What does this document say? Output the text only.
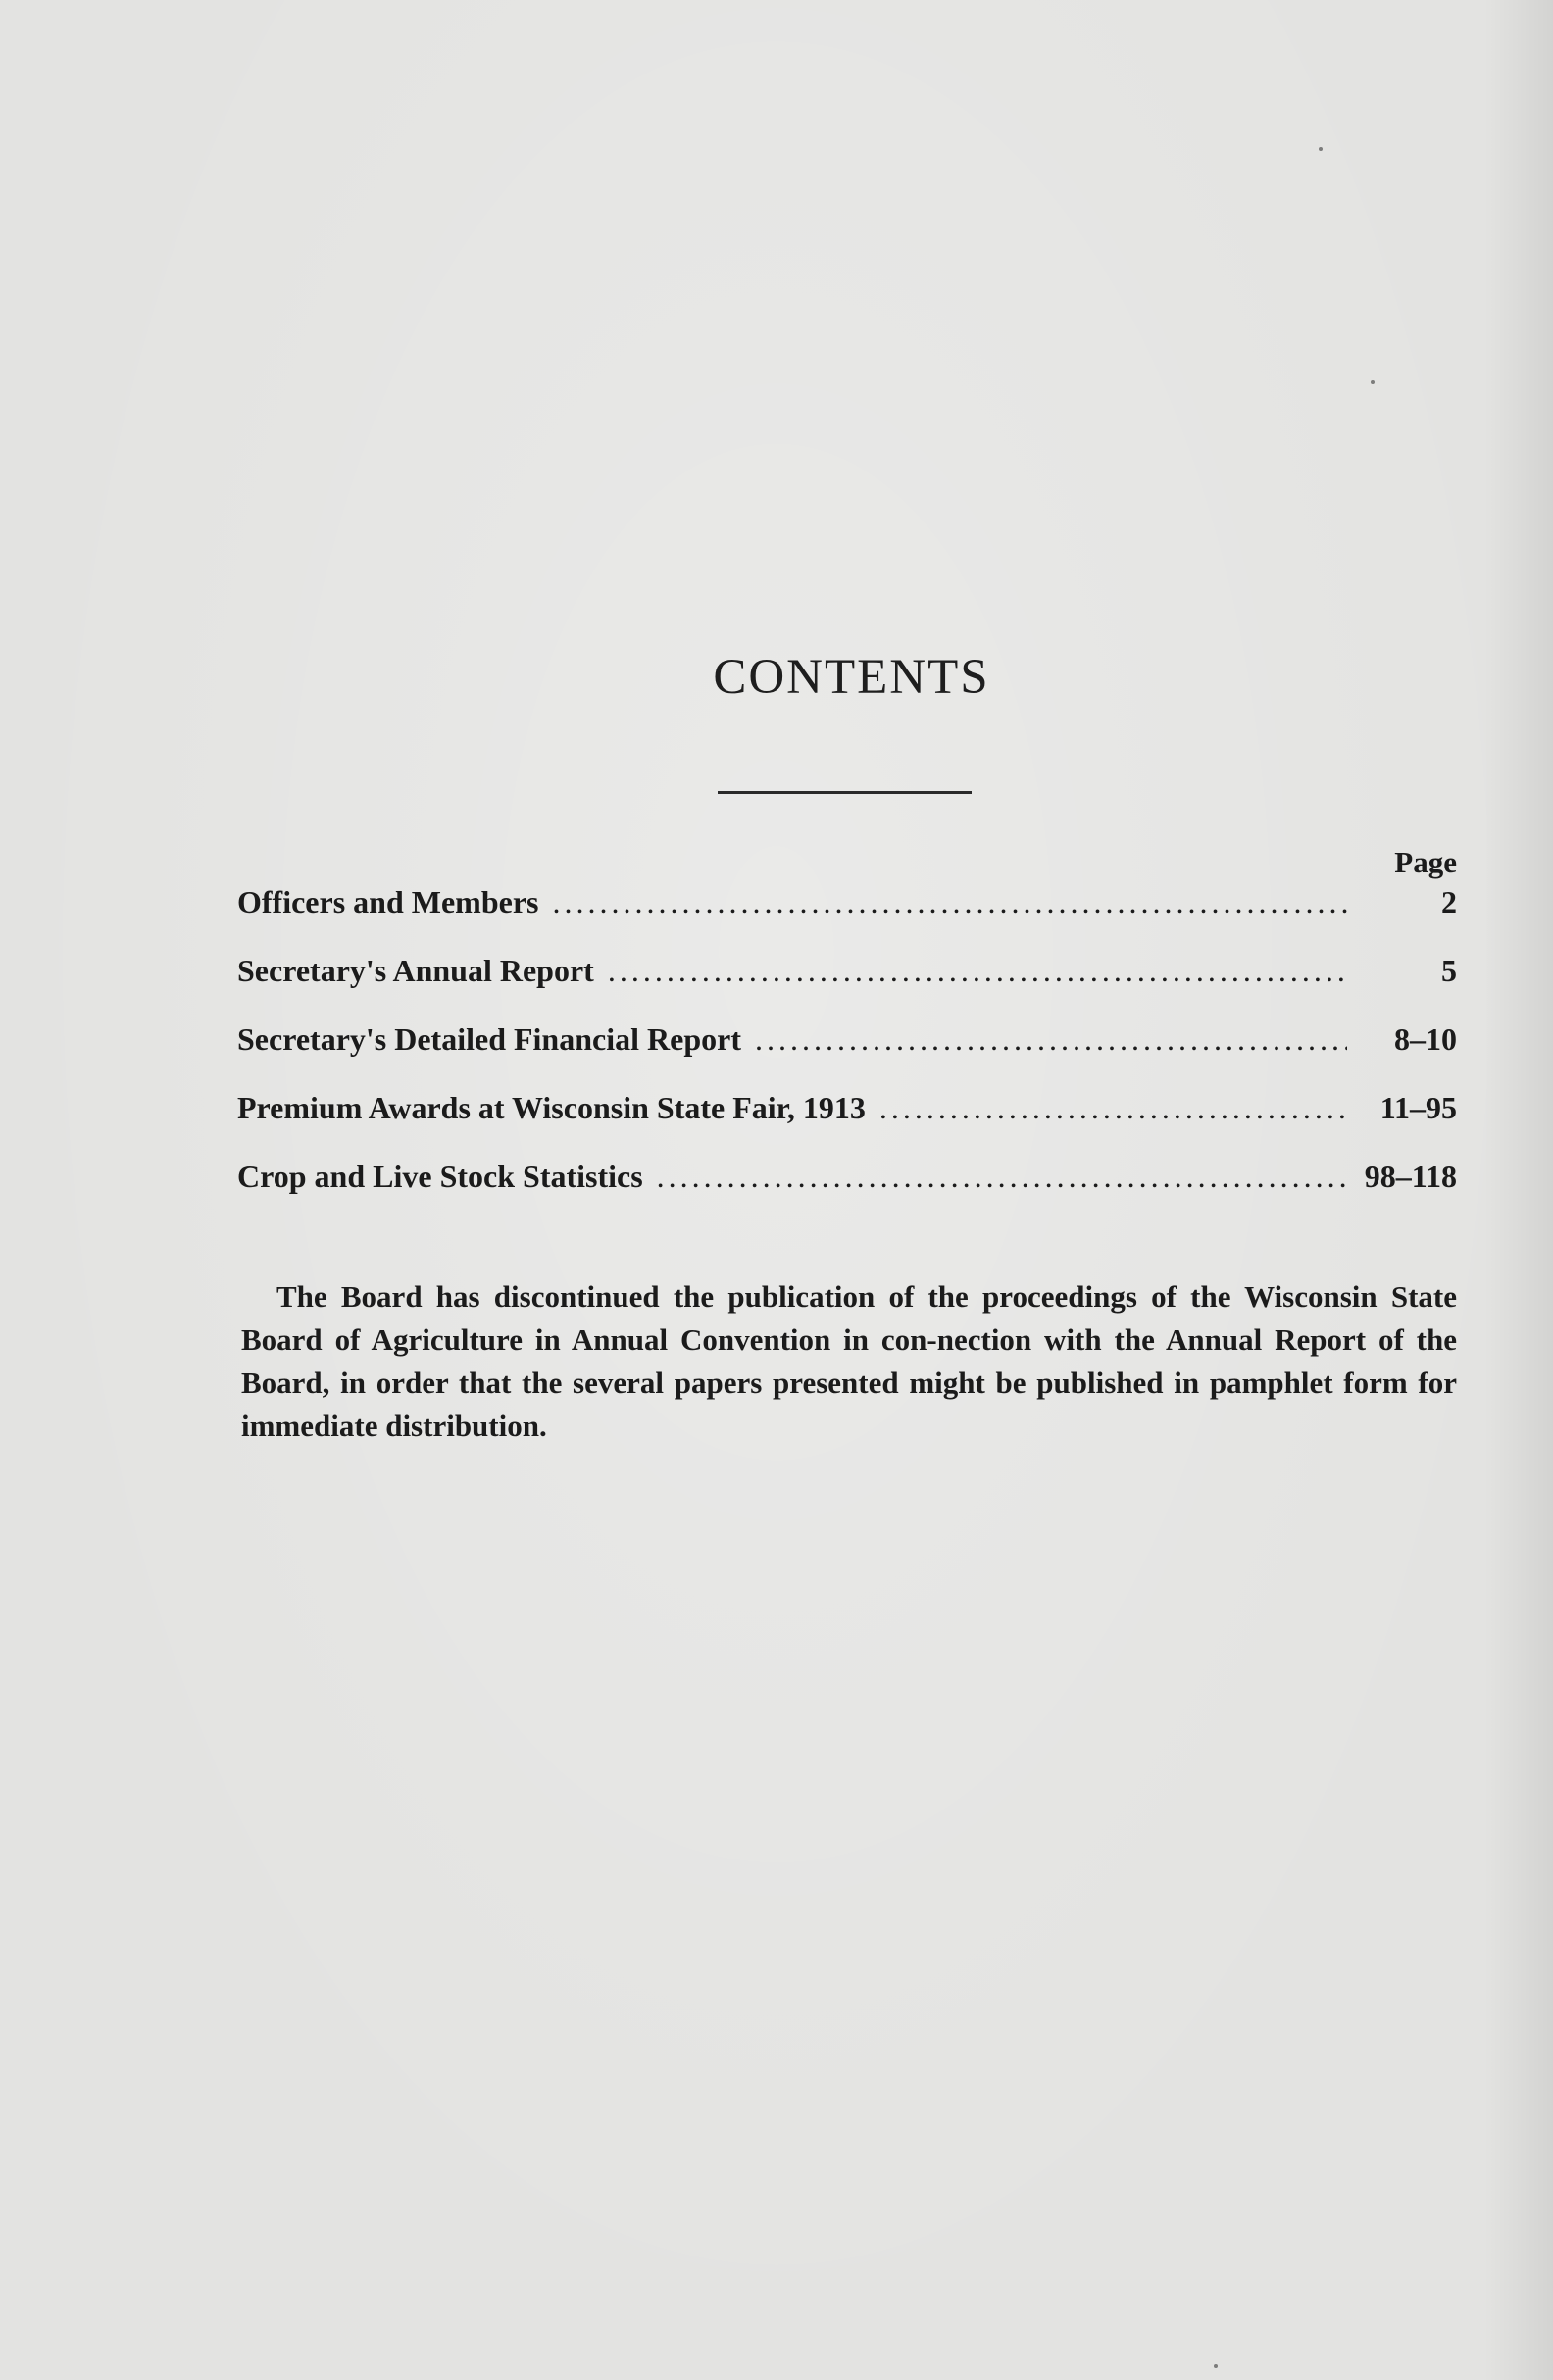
CONTENTS
Page
Officers and Members .....	2
Secretary's Annual Report .....	5
Secretary's Detailed Financial Report .....	8–10
Premium Awards at Wisconsin State Fair, 1913 .....	11–95
Crop and Live Stock Statistics .....	98–118

The Board has discontinued the publication of the proceedings of the Wisconsin State Board of Agriculture in Annual Convention in con-nection with the Annual Report of the Board, in order that the several papers presented might be published in pamphlet form for immediate distribution.
